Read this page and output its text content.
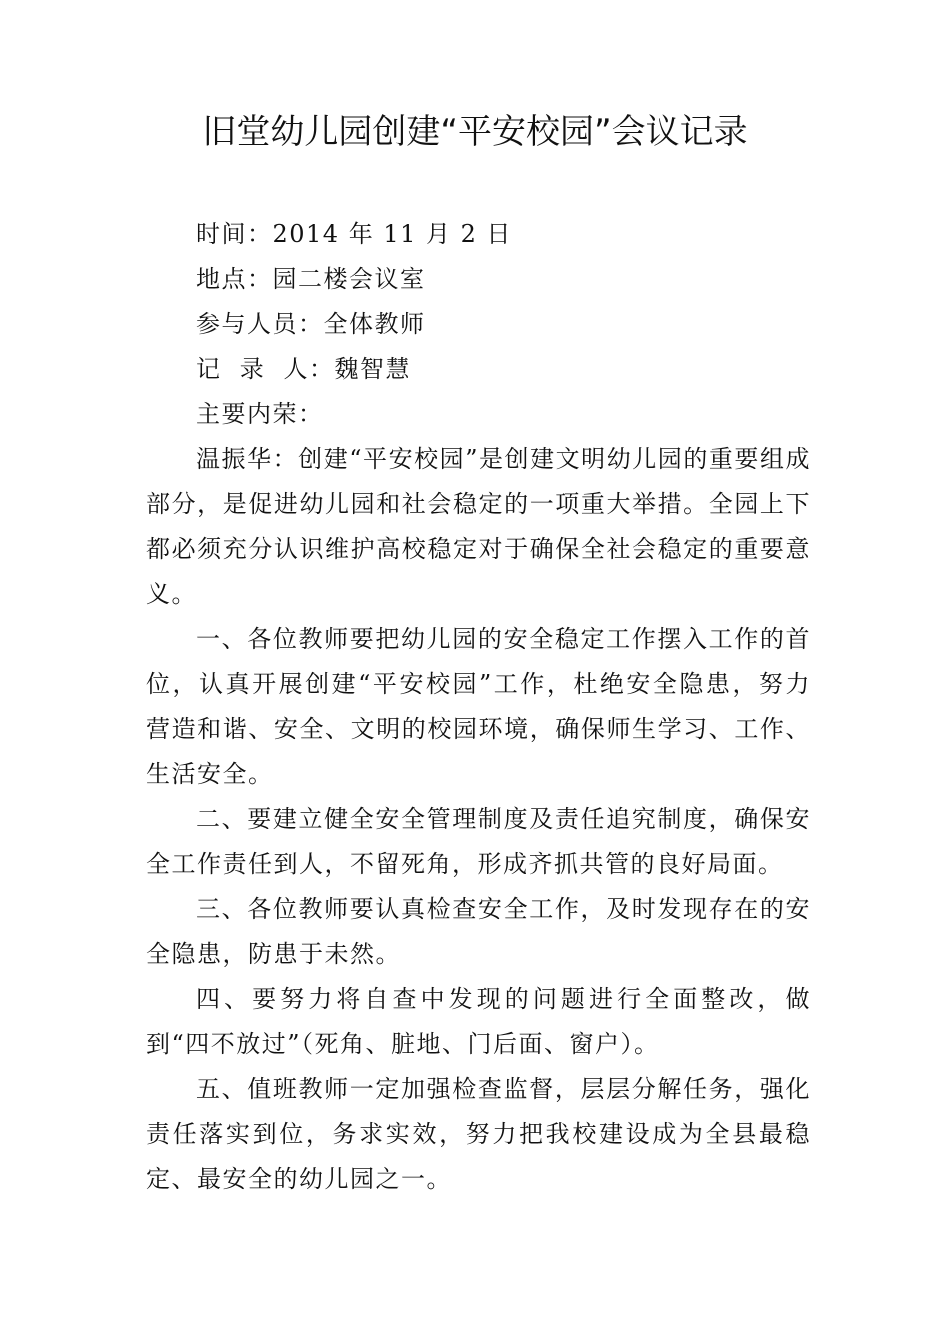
旧堂幼儿园创建“平安校园”会议记录

时间：2014 年 11 月 2 日

地点：园二楼会议室

参与人员：全体教师

记  录  人：魏智慧

主要内荣：

温振华：创建“平安校园”是创建文明幼儿园的重要组成部分，是促进幼儿园和社会稳定的一项重大举措。全园上下都必须充分认识维护高校稳定对于确保全社会稳定的重要意义。

一、各位教师要把幼儿园的安全稳定工作摆入工作的首位，认真开展创建“平安校园”工作，杜绝安全隐患，努力营造和谐、安全、文明的校园环境，确保师生学习、工作、生活安全。

二、要建立健全安全管理制度及责任追究制度，确保安全工作责任到人，不留死角，形成齐抓共管的良好局面。

三、各位教师要认真检查安全工作，及时发现存在的安全隐患，防患于未然。

四、要努力将自查中发现的问题进行全面整改，做到“四不放过”（死角、脏地、门后面、窗户）。

五、值班教师一定加强检查监督，层层分解任务，强化责任落实到位，务求实效，努力把我校建设成为全县最稳定、最安全的幼儿园之一。
